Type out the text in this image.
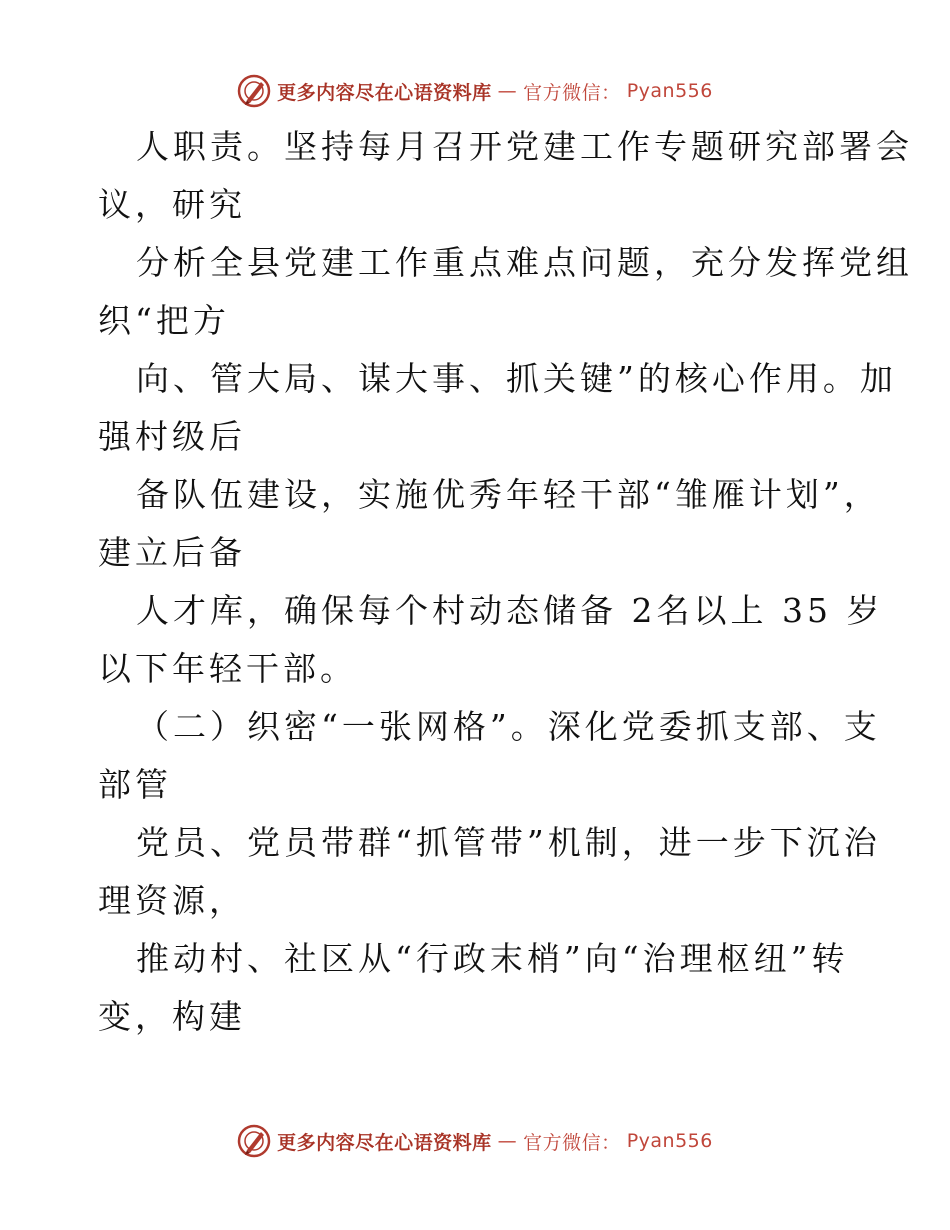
更多内容尽在心语资料库 — 官方微信： Pyan556
人职责。坚持每月召开党建工作专题研究部署会
议，研究
分析全县党建工作重点难点问题，充分发挥党组
织“把方
向、管大局、谋大事、抓关键”的核心作用。加
强村级后
备队伍建设，实施优秀年轻干部“雏雁计划”，
建立后备
人才库，确保每个村动态储备 2名以上 35 岁
以下年轻干部。
（二）织密“一张网格”。深化党委抓支部、支
部管
党员、党员带群“抓管带”机制，进一步下沉治
理资源，
推动村、社区从“行政末梢”向“治理枢纽”转
变，构建
更多内容尽在心语资料库 — 官方微信： Pyan556
